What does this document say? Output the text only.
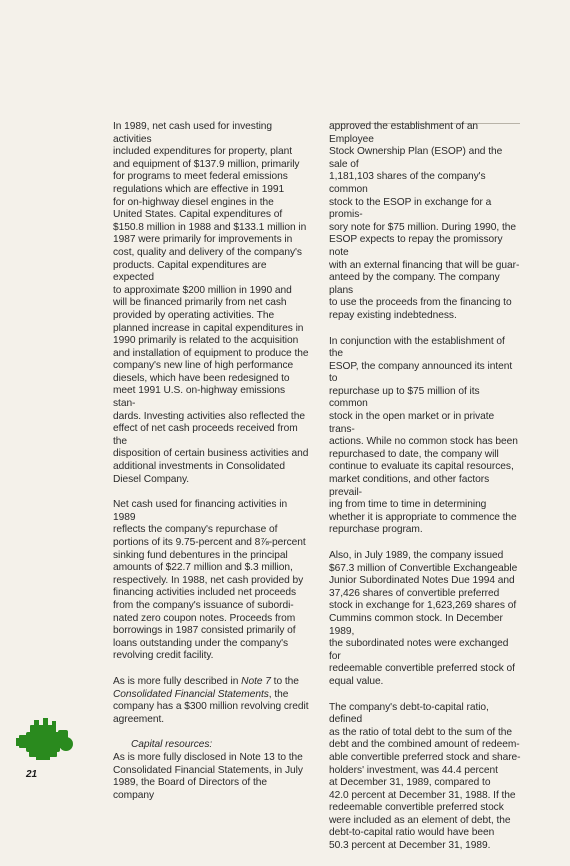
In 1989, net cash used for investing activities
included expenditures for property, plant
and equipment of $137.9 million, primarily
for programs to meet federal emissions
regulations which are effective in 1991
for on-highway diesel engines in the
United States. Capital expenditures of
$150.8 million in 1988 and $133.1 million in
1987 were primarily for improvements in
cost, quality and delivery of the company's
products. Capital expenditures are expected
to approximate $200 million in 1990 and
will be financed primarily from net cash
provided by operating activities. The
planned increase in capital expenditures in
1990 primarily is related to the acquisition
and installation of equipment to produce the
company's new line of high performance
diesels, which have been redesigned to
meet 1991 U.S. on-highway emissions stan-
dards. Investing activities also reflected the
effect of net cash proceeds received from the
disposition of certain business activities and
additional investments in Consolidated
Diesel Company.

Net cash used for financing activities in 1989
reflects the company's repurchase of
portions of its 9.75-percent and 8⅞-percent
sinking fund debentures in the principal
amounts of $22.7 million and $.3 million,
respectively. In 1988, net cash provided by
financing activities included net proceeds
from the company's issuance of subordi-
nated zero coupon notes. Proceeds from
borrowings in 1987 consisted primarily of
loans outstanding under the company's
revolving credit facility.

As is more fully described in Note 7 to the
Consolidated Financial Statements, the
company has a $300 million revolving credit
agreement.

Capital resources:

As is more fully disclosed in Note 13 to the
Consolidated Financial Statements, in July
1989, the Board of Directors of the company

approved the establishment of an Employee
Stock Ownership Plan (ESOP) and the sale of
1,181,103 shares of the company's common
stock to the ESOP in exchange for a promis-
sory note for $75 million. During 1990, the
ESOP expects to repay the promissory note
with an external financing that will be guar-
anteed by the company. The company plans
to use the proceeds from the financing to
repay existing indebtedness.

In conjunction with the establishment of the
ESOP, the company announced its intent to
repurchase up to $75 million of its common
stock in the open market or in private trans-
actions. While no common stock has been
repurchased to date, the company will
continue to evaluate its capital resources,
market conditions, and other factors prevail-
ing from time to time in determining
whether it is appropriate to commence the
repurchase program.

Also, in July 1989, the company issued
$67.3 million of Convertible Exchangeable
Junior Subordinated Notes Due 1994 and
37,426 shares of convertible preferred
stock in exchange for 1,623,269 shares of
Cummins common stock. In December 1989,
the subordinated notes were exchanged for
redeemable convertible preferred stock of
equal value.

The company's debt-to-capital ratio, defined
as the ratio of total debt to the sum of the
debt and the combined amount of redeem-
able convertible preferred stock and share-
holders' investment, was 44.4 percent
at December 31, 1989, compared to
42.0 percent at December 31, 1988. If the
redeemable convertible preferred stock
were included as an element of debt, the
debt-to-capital ratio would have been
50.3 percent at December 31, 1989.

21
